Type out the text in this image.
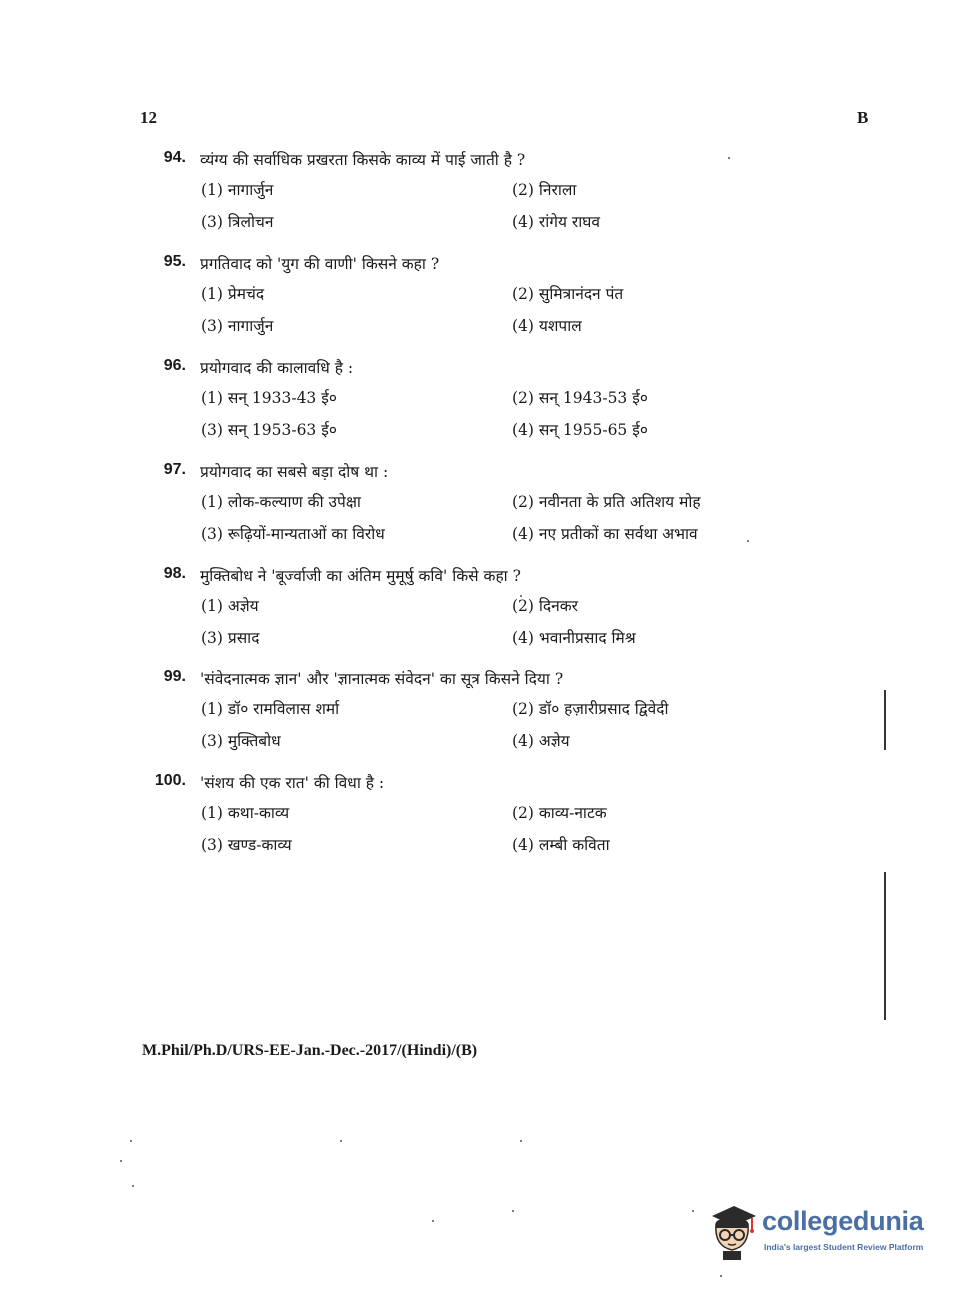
12	B
94. व्यंग्य की सर्वाधिक प्रखरता किसके काव्य में पाई जाती है ?
(1) नागार्जुन	(2) निराला
(3) त्रिलोचन	(4) रांगेय राघव
95. प्रगतिवाद को 'युग की वाणी' किसने कहा ?
(1) प्रेमचंद	(2) सुमित्रानंदन पंत
(3) नागार्जुन	(4) यशपाल
96. प्रयोगवाद की कालावधि है :
(1) सन् 1933-43 ई०	(2) सन् 1943-53 ई०
(3) सन् 1953-63 ई०	(4) सन् 1955-65 ई०
97. प्रयोगवाद का सबसे बड़ा दोष था :
(1) लोक-कल्याण की उपेक्षा	(2) नवीनता के प्रति अतिशय मोह
(3) रूढ़ियों-मान्यताओं का विरोध	(4) नए प्रतीकों का सर्वथा अभाव
98. मुक्तिबोध ने 'बूर्ज्वाजी का अंतिम मुमूर्षु कवि' किसे कहा ?
(1) अज्ञेय	(2) दिनकर
(3) प्रसाद	(4) भवानीप्रसाद मिश्र
99. 'संवेदनात्मक ज्ञान' और 'ज्ञानात्मक संवेदन' का सूत्र किसने दिया ?
(1) डॉ० रामविलास शर्मा	(2) डॉ० हज़ारीप्रसाद द्विवेदी
(3) मुक्तिबोध	(4) अज्ञेय
100. 'संशय की एक रात' की विधा है :
(1) कथा-काव्य	(2) काव्य-नाटक
(3) खण्ड-काव्य	(4) लम्बी कविता
M.Phil/Ph.D/URS-EE-Jan.-Dec.-2017/(Hindi)/(B)
collegedunia
India's largest Student Review Platform
